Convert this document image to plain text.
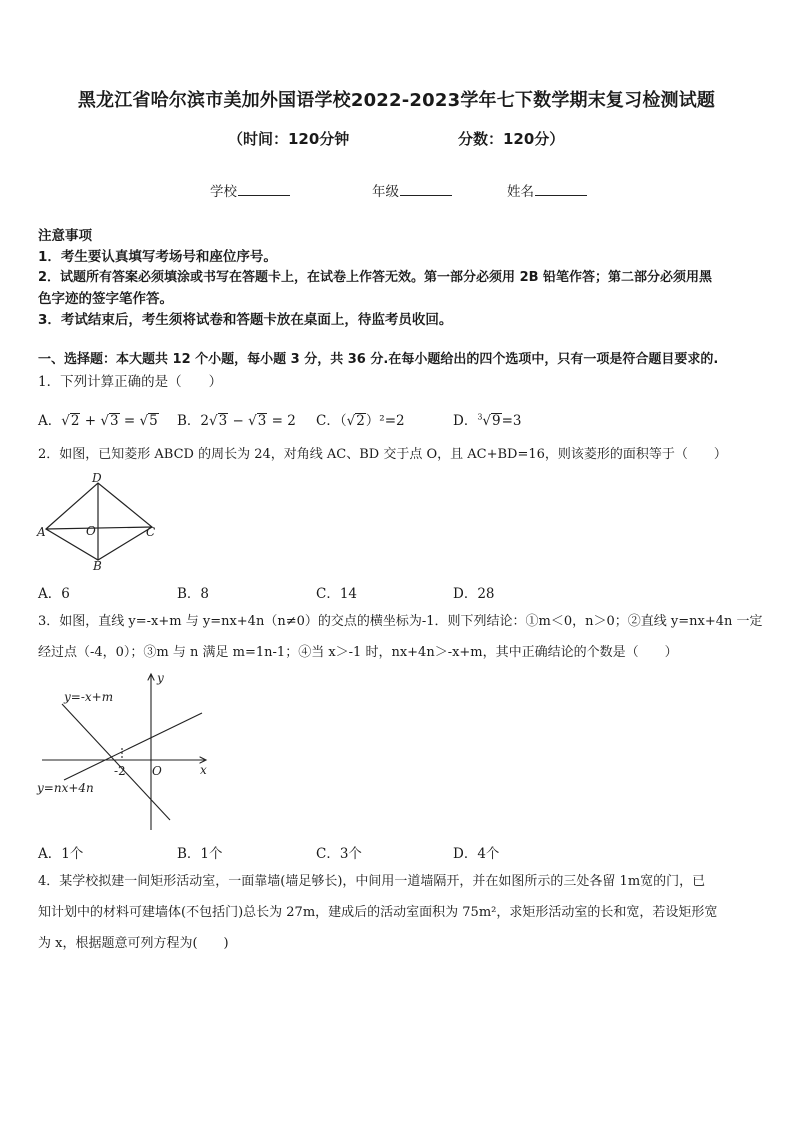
黑龙江省哈尔滨市美加外国语学校2022-2023学年七下数学期末复习检测试题
（时间：120分钟	分数：120分）
学校	年级	姓名
注意事项
1．考生要认真填写考场号和座位序号。
2．试题所有答案必须填涂或书写在答题卡上，在试卷上作答无效。第一部分必须用 2B 铅笔作答；第二部分必须用黑
色字迹的签字笔作答。
3．考试结束后，考生须将试卷和答题卡放在桌面上，待监考员收回。
一、选择题：本大题共 12 个小题，每小题 3 分，共 36 分.在每小题给出的四个选项中，只有一项是符合题目要求的.
1．下列计算正确的是（　　）
A．√2 + √3 = √5 B．2√3 − √3 = 2 C．（√2）²=2	D．$^3$√9=3
2．如图，已知菱形 ABCD 的周长为 24，对角线 AC、BD 交于点 O，且 AC+BD=16，则该菱形的面积等于（　　）
D
A	C
B
O
A．6	B．8	C．14	D．28
3．如图，直线 y=-x+m 与 y=nx+4n（n≠0）的交点的横坐标为-1．则下列结论：①m＜0，n＞0；②直线 y=nx+4n 一定
经过点（-4，0）；③m 与 n 满足 m=1n-1；④当 x＞-1 时，nx+4n＞-x+m，其中正确结论的个数是（　　）
y
x
O
-2
y=-x+m
y=nx+4n
A．1个	B．1个	C．3个	D．4个
4．某学校拟建一间矩形活动室，一面靠墙(墙足够长)，中间用一道墙隔开，并在如图所示的三处各留 1m宽的门，已
知计划中的材料可建墙体(不包括门)总长为 27m，建成后的活动室面积为 75m²，求矩形活动室的长和宽，若设矩形宽
为 x，根据题意可列方程为(　　)
